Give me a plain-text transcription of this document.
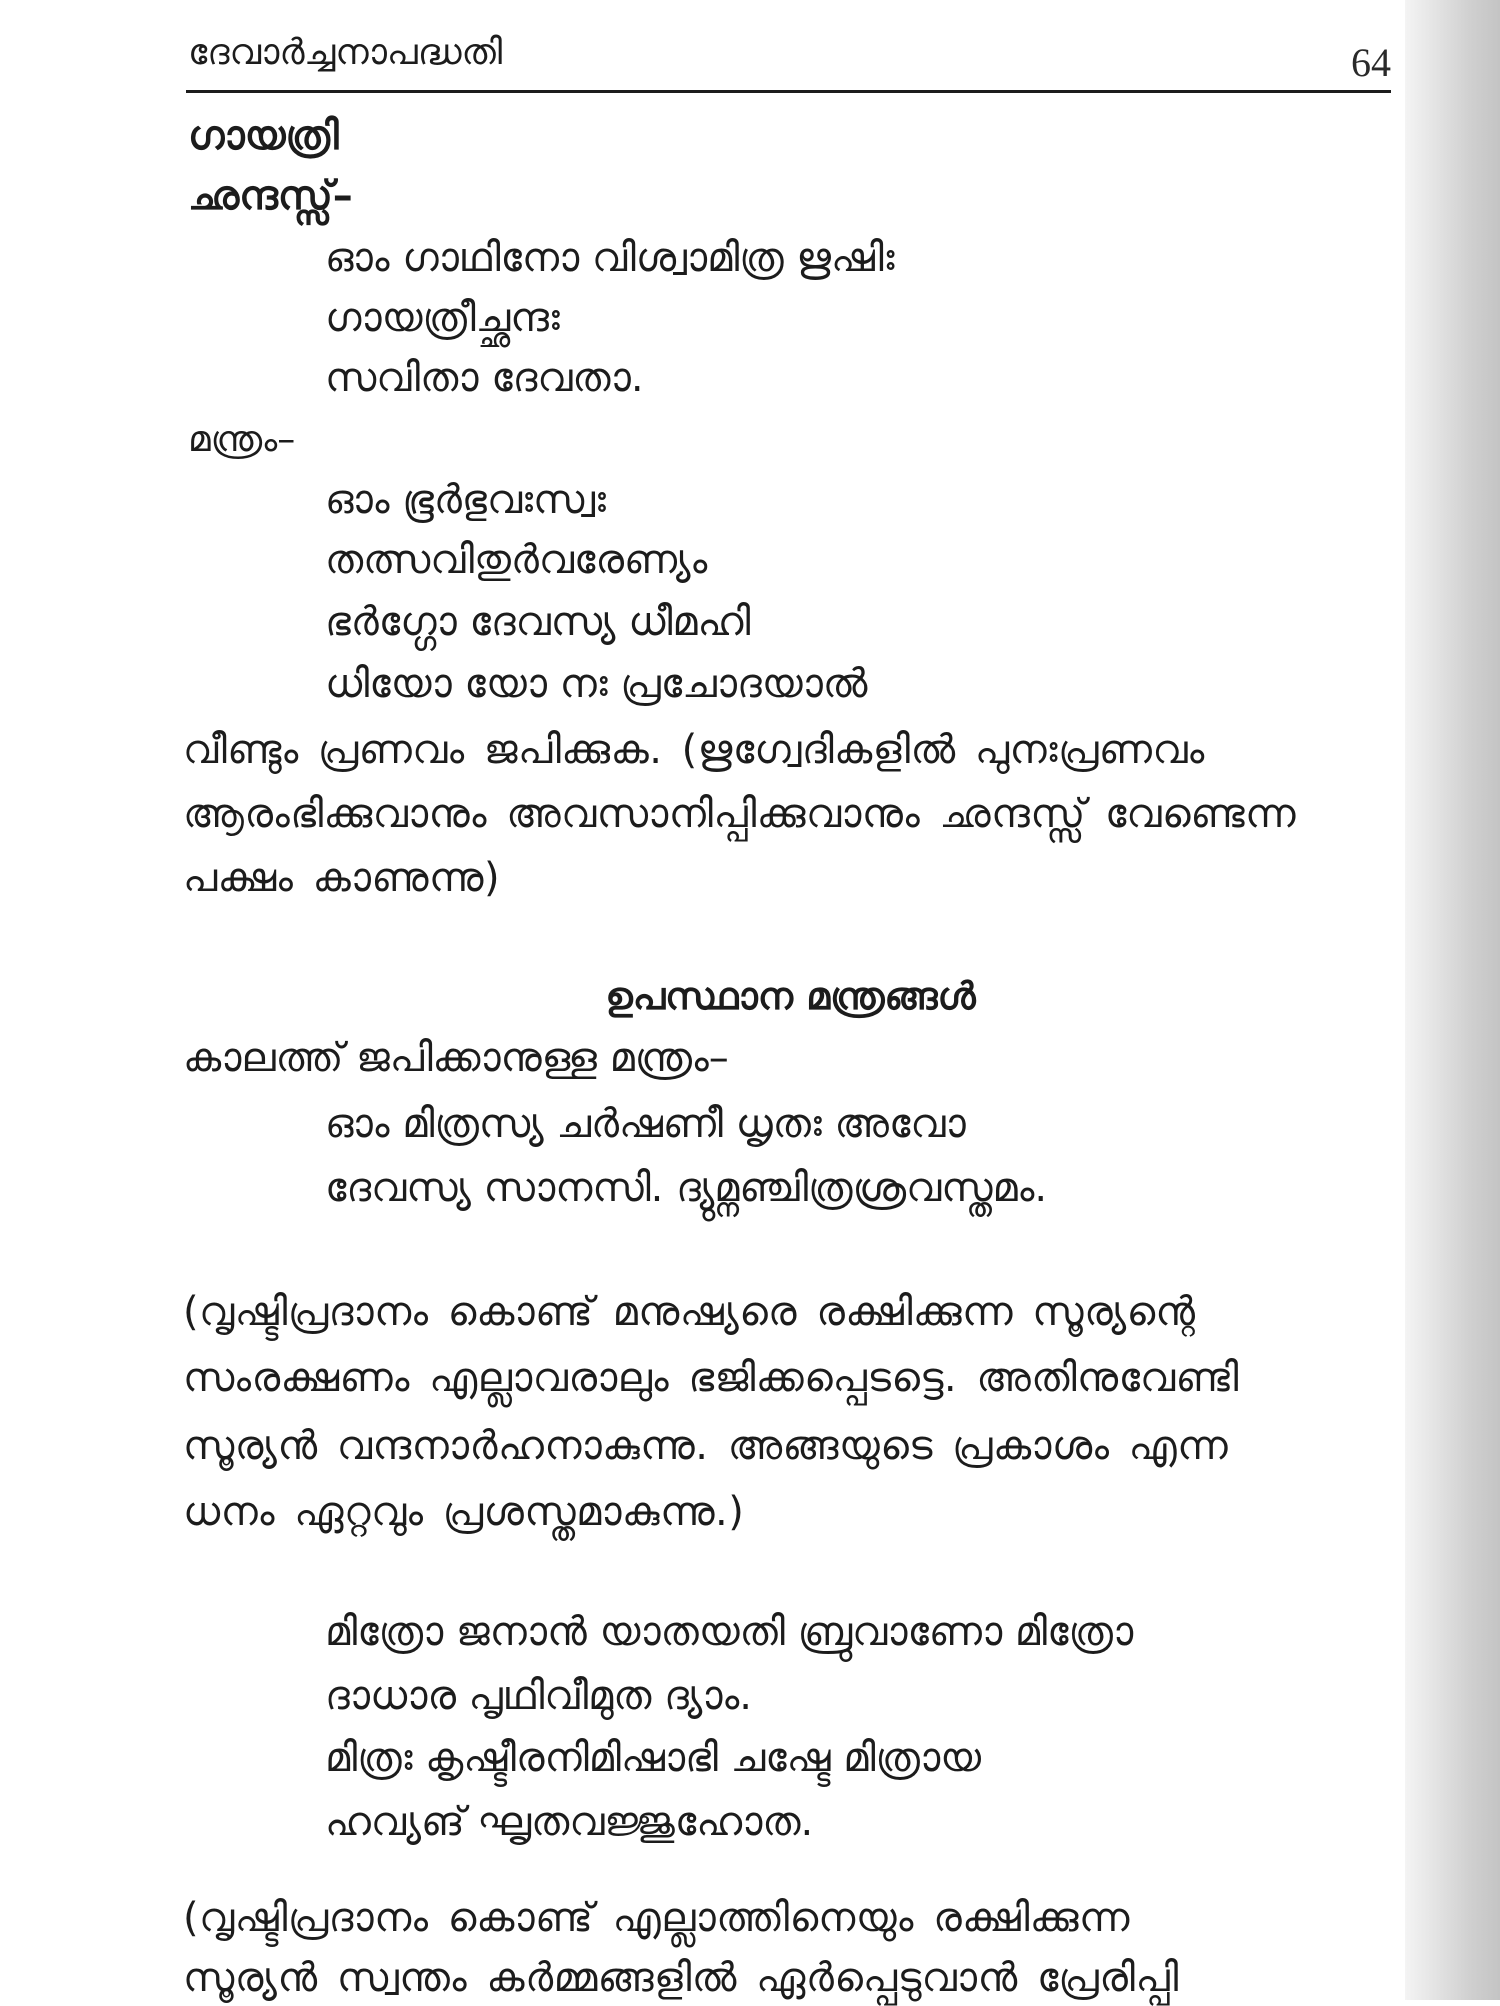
ദേവാർച്ചനാപദ്ധതി	64
ഗായത്രി
ഛന്ദസ്സ്–
ഓം ഗാഥിനോ വിശ്വാമിത്ര ഋഷിഃ
ഗായത്രീച്ഛന്ദഃ
സവിതാ ദേവതാ.
മന്ത്രം–
ഓം ഭൂർഭുവഃസ്വഃ
തത്സവിതുർവരേണ്യം
ഭർഗ്ഗോ ദേവസ്യ ധീമഹി
ധിയോ യോ നഃ പ്രചോദയാൽ
വീണ്ടും പ്രണവം ജപിക്കുക. (ഋഗ്വേദികളിൽ പുനഃപ്രണവം
ആരംഭിക്കുവാനും അവസാനിപ്പിക്കുവാനും ഛന്ദസ്സ് വേണ്ടെന്ന
പക്ഷം കാണുന്നു)
ഉപസ്ഥാന മന്ത്രങ്ങൾ
കാലത്ത് ജപിക്കാനുള്ള മന്ത്രം–
ഓം മിത്രസ്യ ചർഷണീ ധൃതഃ അവോ
ദേവസ്യ സാനസി. ദ്യുമ്നഞ്ചിത്രശ്രവസ്തമം.
(വൃഷ്ടിപ്രദാനം കൊണ്ട് മനുഷ്യരെ രക്ഷിക്കുന്ന സൂര്യന്റെ
സംരക്ഷണം എല്ലാവരാലും ഭജിക്കപ്പെടട്ടെ. അതിനുവേണ്ടി
സൂര്യൻ വന്ദനാർഹനാകുന്നു. അങ്ങയുടെ പ്രകാശം എന്ന
ധനം ഏറ്റവും പ്രശസ്തമാകുന്നു.)
മിത്രോ ജനാൻ യാതയതി ബ്രുവാണോ മിത്രോ
ദാധാര പൃഥിവീമുത ദ്യാം.
മിത്രഃ കൃഷ്ടീരനിമിഷാഭി ചഷ്ടേ മിത്രായ
ഹവ്യങ് ഘൃതവജ്ജുഹോത.
(വൃഷ്ടിപ്രദാനം കൊണ്ട് എല്ലാത്തിനെയും രക്ഷിക്കുന്ന
സൂര്യൻ സ്വന്തം കർമ്മങ്ങളിൽ ഏർപ്പെടുവാൻ പ്രേരിപ്പി
